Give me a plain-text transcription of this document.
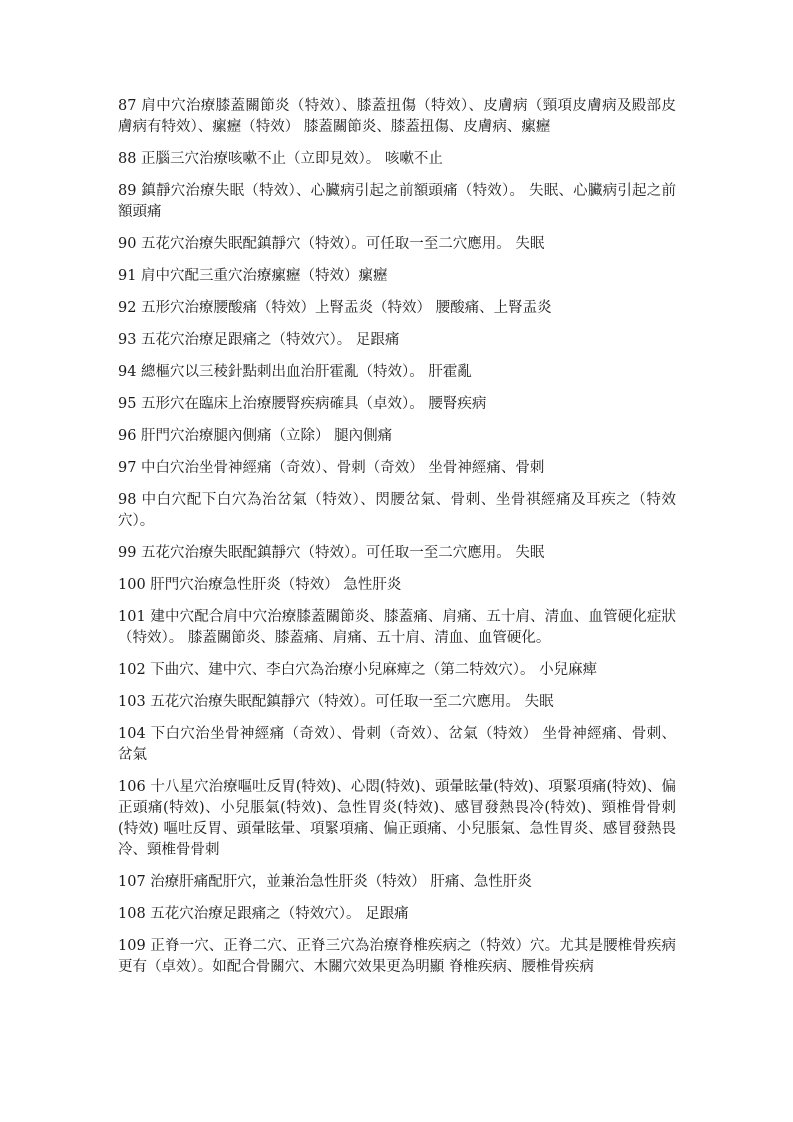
87 肩中穴治療膝蓋關節炎（特效）、膝蓋扭傷（特效）、皮膚病（頸項皮膚病及殿部皮膚病有特效）、瘰癧（特效） 膝蓋關節炎、膝蓋扭傷、皮膚病、瘰癧

88 正腦三穴治療咳嗽不止（立即見效）。 咳嗽不止

89 鎮靜穴治療失眠（特效）、心臟病引起之前額頭痛（特效）。 失眠、心臟病引起之前額頭痛

90 五花穴治療失眠配鎮靜穴（特效）。可任取一至二穴應用。 失眠

91 肩中穴配三重穴治療瘰癧（特效）瘰癧

92 五形穴治療腰酸痛（特效）上腎盂炎（特效） 腰酸痛、上腎盂炎

93 五花穴治療足跟痛之（特效穴）。 足跟痛

94 總樞穴以三稜針點刺出血治肝霍亂（特效）。 肝霍亂

95 五形穴在臨床上治療腰腎疾病確具（卓效）。 腰腎疾病

96 肝門穴治療腿內側痛（立除） 腿內側痛

97 中白穴治坐骨神經痛（奇效）、骨刺（奇效） 坐骨神經痛、骨刺

98 中白穴配下白穴為治岔氣（特效）、閃腰岔氣、骨刺、坐骨祺經痛及耳疾之（特效穴）。

99 五花穴治療失眠配鎮靜穴（特效）。可任取一至二穴應用。 失眠

100 肝門穴治療急性肝炎（特效） 急性肝炎

101 建中穴配合肩中穴治療膝蓋關節炎、膝蓋痛、肩痛、五十肩、清血、血管硬化症狀（特效）。 膝蓋關節炎、膝蓋痛、肩痛、五十肩、清血、血管硬化。

102 下曲穴、建中穴、李白穴為治療小兒麻痺之（第二特效穴）。 小兒麻痺

103 五花穴治療失眠配鎮靜穴（特效）。可任取一至二穴應用。 失眠

104 下白穴治坐骨神經痛（奇效）、骨刺（奇效）、岔氣（特效） 坐骨神經痛、骨刺、岔氣

106 十八星穴治療嘔吐反胃(特效)、心悶(特效)、頭暈眩暈(特效)、項緊項痛(特效)、偏正頭痛(特效)、小兒脹氣(特效)、急性胃炎(特效)、感冒發熱畏冷(特效)、頸椎骨骨刺(特效) 嘔吐反胃、頭暈眩暈、項緊項痛、偏正頭痛、小兒脹氣、急性胃炎、感冒發熱畏冷、頸椎骨骨刺

107 治療肝痛配肝穴，並兼治急性肝炎（特效） 肝痛、急性肝炎

108 五花穴治療足跟痛之（特效穴）。 足跟痛

109 正脊一穴、正脊二穴、正脊三穴為治療脊椎疾病之（特效）穴。尤其是腰椎骨疾病更有（卓效）。如配合骨關穴、木關穴效果更為明顯 脊椎疾病、腰椎骨疾病
